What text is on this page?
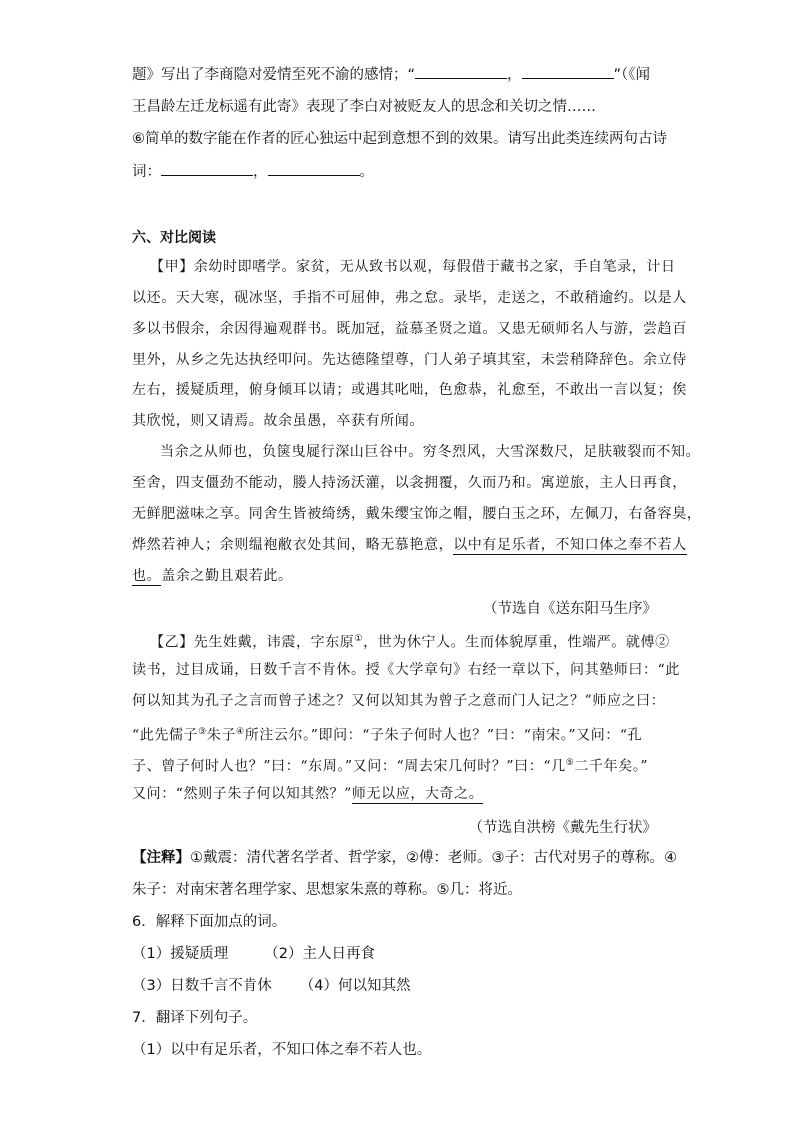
题》写出了李商隐对爱情至死不渝的感情；“	，	”（《闻
王昌龄左迁龙标遥有此寄》表现了李白对被贬友人的思念和关切之情……
⑥简单的数字能在作者的匠心独运中起到意想不到的效果。请写出此类连续两句古诗
词：	，	。
六、对比阅读
【甲】余幼时即嗜学。家贫，无从致书以观，每假借于藏书之家，手自笔录，计日
以还。天大寒，砚冰坚，手指不可屈伸，弗之怠。录毕，走送之，不敢稍逾约。以是人
多以书假余，余因得遍观群书。既加冠，益慕圣贤之道。又患无硕师名人与游，尝趋百
里外，从乡之先达执经叩问。先达德隆望尊，门人弟子填其室，未尝稍降辞色。余立侍
左右，援疑质理，俯身倾耳以请；或遇其叱咄，色愈恭，礼愈至，不敢出一言以复；俟
其欣悦，则又请焉。故余虽愚，卒获有所闻。
当余之从师也，负箧曳屣行深山巨谷中。穷冬烈风，大雪深数尺，足肤皲裂而不知。
至舍，四支僵劲不能动，媵人持汤沃灌，以衾拥覆，久而乃和。寓逆旅，主人日再食，
无鲜肥滋味之享。同舍生皆被绮绣，戴朱缨宝饰之帽，腰白玉之环，左佩刀，右备容臭，
烨然若神人；余则缊袍敝衣处其间，略无慕艳意，以中有足乐者，不知口体之奉不若人
也。盖余之勤且艰若此。
（节选自《送东阳马生序》
【乙】先生姓戴，讳震，字东原①，世为休宁人。生而体貌厚重，性端严。就傅②
读书，过目成诵，日数千言不肯休。授《大学章句》右经一章以下，问其塾师曰：“此
何以知其为孔子之言而曾子述之？又何以知其为曾子之意而门人记之？”师应之曰：
“此先儒子③朱子④所注云尔。”即问：“子朱子何时人也？”曰：“南宋。”又问：“孔
子、曾子何时人也？”曰：“东周。”又问：“周去宋几何时？”曰：“几⑤二千年矣。”
又问：“然则子朱子何以知其然？”师无以应，大奇之。
（节选自洪榜《戴先生行状》
【注释】①戴震：清代著名学者、哲学家，②傅：老师。③子：古代对男子的尊称。④
朱子：对南宋著名理学家、思想家朱熹的尊称。⑤几：将近。
6．解释下面加点的词。
（1）援疑质理 （2）主人日再食
（3）日数千言不肯休 （4）何以知其然
7．翻译下列句子。
（1）以中有足乐者，不知口体之奉不若人也。
